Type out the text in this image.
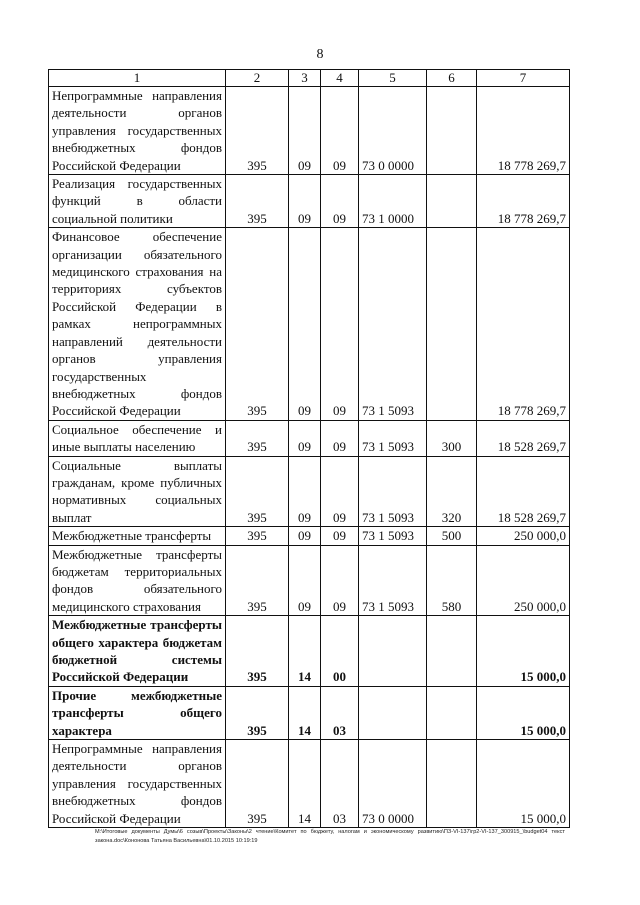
8
1	2	3	4	5	6	7
Непрограммные направления деятельности органов управления государственных внебюджетных фондов Российской Федерации	395	09	09	73 0 0000		18 778 269,7
Реализация государственных функций в области социальной политики	395	09	09	73 1 0000		18 778 269,7
Финансовое обеспечение организации обязательного медицинского страхования на территориях субъектов Российской Федерации в рамках непрограммных направлений деятельности органов управления государственных внебюджетных фондов Российской Федерации	395	09	09	73 1 5093		18 778 269,7
Социальное обеспечение и иные выплаты населению	395	09	09	73 1 5093	300	18 528 269,7
Социальные выплаты гражданам, кроме публичных нормативных социальных выплат	395	09	09	73 1 5093	320	18 528 269,7
Межбюджетные трансферты	395	09	09	73 1 5093	500	250 000,0
Межбюджетные трансферты бюджетам территориальных фондов обязательного медицинского страхования	395	09	09	73 1 5093	580	250 000,0
Межбюджетные трансферты общего характера бюджетам бюджетной системы Российской Федерации	395	14	00			15 000,0
Прочие межбюджетные трансферты общего характера	395	14	03			15 000,0
Непрограммные направления деятельности органов управления государственных внебюджетных фондов Российской Федерации	395	14	03	73 0 0000		15 000,0
M:\Итоговые документы Думы\6 созыв\Проекты\Законы\2 чтение\Комитет по бюджету, налогам и экономическому развитию\ПЗ-VI-137\гр2-VI-137_300915_\budget04 текст закона.doc\Кононова Татьяна Васильевна\01.10.2015 10:19:19
